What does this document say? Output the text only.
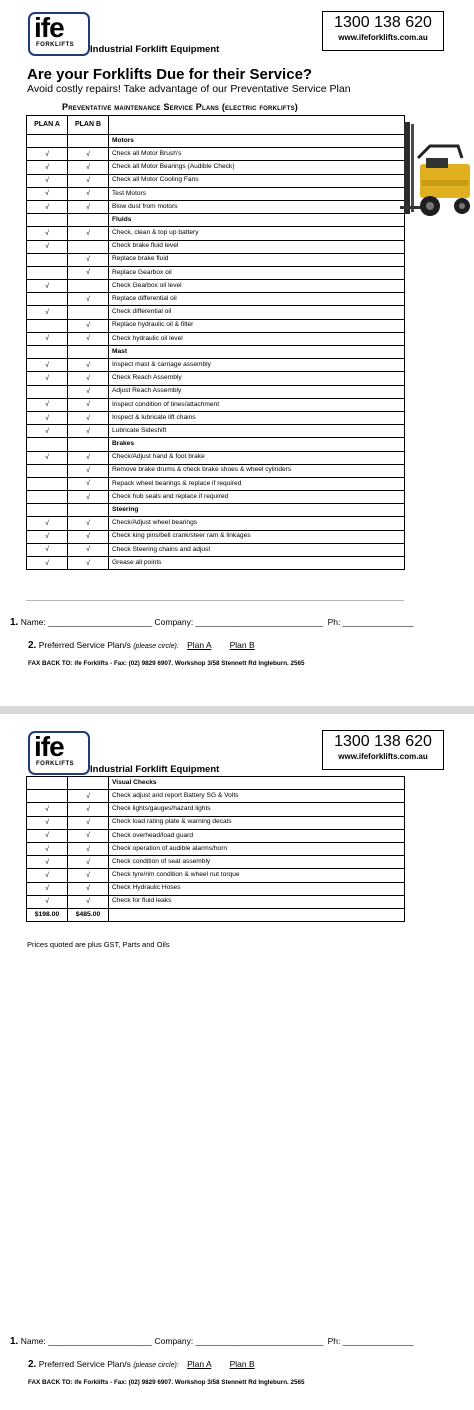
ife
FORKLIFTS Industrial Forklift Equipment
1300 138 620
www.ifeforklifts.com.au
Are your Forklifts Due for their Service?
Avoid costly repairs! Take advantage of our Preventative Service Plan
Preventative maintenance Service Plans (electric forklifts)
PLAN A	PLAN B	
		Motors
√	√	Check all Motor Brush's
√	√	Check all Motor Bearings (Audible Check)
√	√	Check all Motor Cooling Fans
√	√	Test Motors
√	√	Blow dust from motors
		Fluids
√	√	Check, clean & top up battery
√		Check brake fluid level
	√	Replace brake fluid
	√	Replace Gearbox oil
√		Check Gearbox oil level
	√	Replace differential oil
√		Check differential oil
	√	Replace hydraulic oil & filter
√	√	Check hydraulic oil level
		Mast
√	√	Inspect mast & carriage assembly
√	√	Check Reach Assembly
	√	Adjust Reach Assembly
√	√	Inspect condition of tines/attachment
√	√	Inspect & lubricate lift chains
√	√	Lubricate Sideshift
		Brakes
√	√	Check/Adjust hand & foot brake
	√	Remove brake drums & check brake shoes & wheel cylinders
	√	Repack wheel bearings & replace if required
	√	Check hub seals and replace if required
		Steering
√	√	Check/Adjust wheel bearings
√	√	Check king pins/bell crank/steer ram & linkages
√	√	Check Steering chains and adjust
√	√	Grease all points
1. Name: ______________________ Company: ___________________________ Ph: _______________
2. Preferred Service Plan/s (please circle): Plan A Plan B
FAX BACK TO: ife Forklifts - Fax: (02) 9829 6907. Workshop 3/58 Stennett Rd Ingleburn. 2565
ife
FORKLIFTS Industrial Forklift Equipment
1300 138 620
www.ifeforklifts.com.au
		Visual Checks
	√	Check adjust and report Battery SG & Volts
√	√	Check lights/gauges/hazard lights
√	√	Check load rating plate & warning decals
√	√	Check overhead/load guard
√	√	Check operation of audible alarms/horn
√	√	Check condition of seat assembly
√	√	Check tyre/rim condition & wheel nut torque
√	√	Check Hydraulic Hoses
√	√	Check for fluid leaks
$198.00	$485.00	
Prices quoted are plus GST, Parts and Oils
1. Name: ______________________ Company: ___________________________ Ph: _______________
2. Preferred Service Plan/s (please circle): Plan A Plan B
FAX BACK TO: ife Forklifts - Fax: (02) 9829 6907. Workshop 3/58 Stennett Rd Ingleburn. 2565
